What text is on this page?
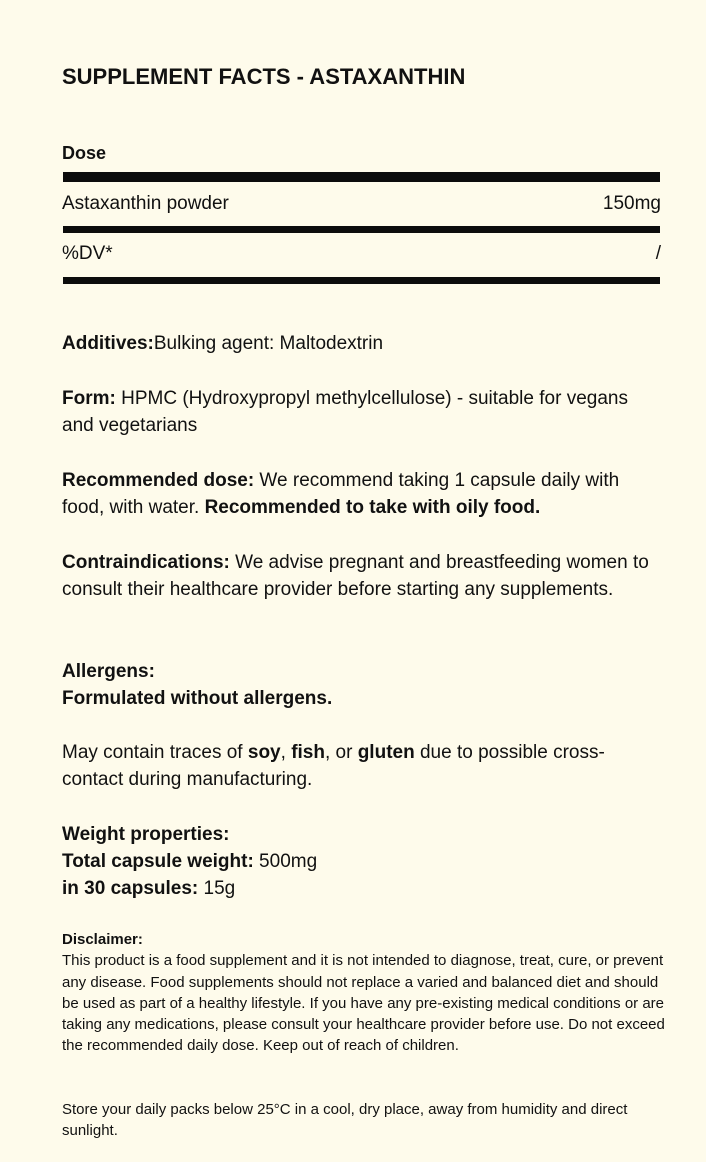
SUPPLEMENT FACTS - ASTAXANTHIN
Dose
Astaxanthin powder	150mg
%DV*	/
Additives:Bulking agent: Maltodextrin
Form: HPMC (Hydroxypropyl methylcellulose) - suitable for vegans and vegetarians
Recommended dose: We recommend taking 1 capsule daily with food, with water. Recommended to take with oily food.
Contraindications: We advise pregnant and breastfeeding women to consult their healthcare provider before starting any supplements.
Allergens:
Formulated without allergens.
May contain traces of soy, fish, or gluten due to possible cross-contact during manufacturing.
Weight properties:
Total capsule weight: 500mg
in 30 capsules: 15g
Disclaimer:
This product is a food supplement and it is not intended to diagnose, treat, cure, or prevent any disease. Food supplements should not replace a varied and balanced diet and should be used as part of a healthy lifestyle. If you have any pre-existing medical conditions or are taking any medications, please consult your healthcare provider before use. Do not exceed the recommended daily dose. Keep out of reach of children.
Store your daily packs below 25°C in a cool, dry place, away from humidity and direct sunlight.
